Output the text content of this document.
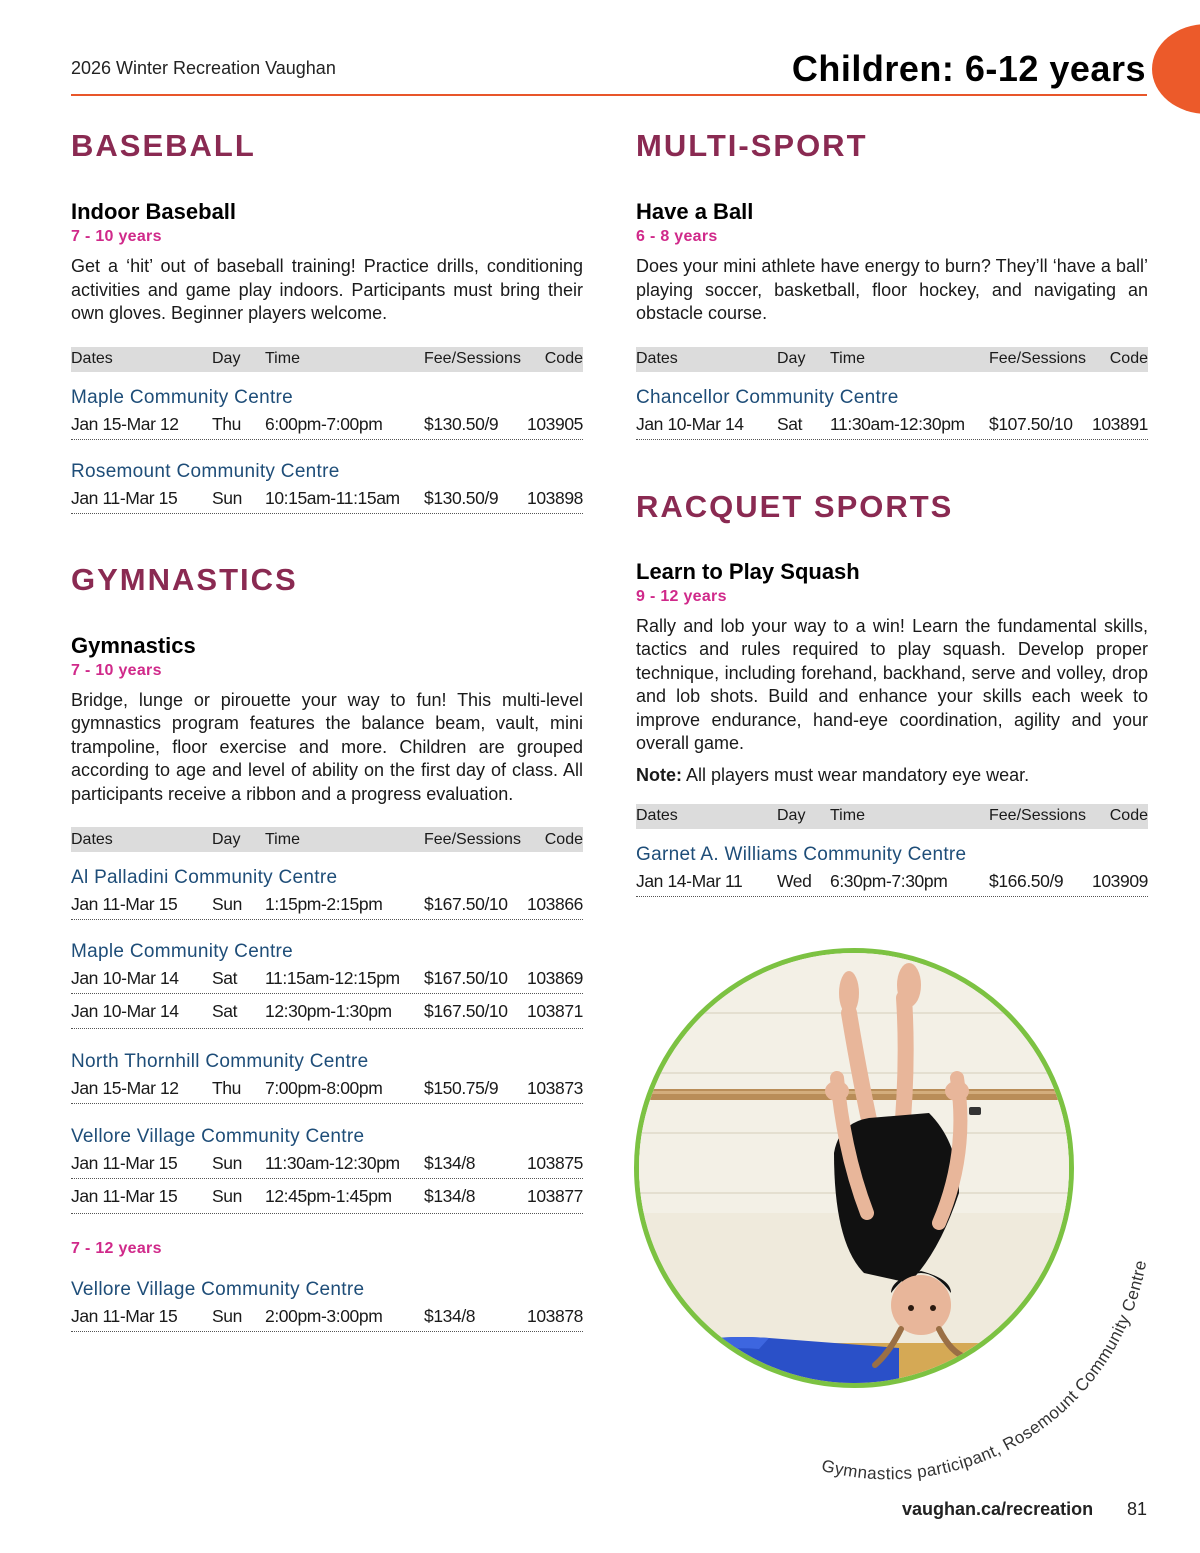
2026 Winter Recreation Vaughan	Children: 6-12 years
BASEBALL
Indoor Baseball
7 - 10 years
Get a ‘hit’ out of baseball training! Practice drills, conditioning activities and game play indoors. Participants must bring their own gloves. Beginner players welcome.
Dates	Day	Time	Fee/Sessions	Code
Maple Community Centre
Jan 15-Mar 12	Thu	6:00pm-7:00pm	$130.50/9	103905
Rosemount Community Centre
Jan 11-Mar 15	Sun	10:15am-11:15am	$130.50/9	103898
GYMNASTICS
Gymnastics
7 - 10 years
Bridge, lunge or pirouette your way to fun! This multi-level gymnastics program features the balance beam, vault, mini trampoline, floor exercise and more. Children are grouped according to age and level of ability on the first day of class. All participants receive a ribbon and a progress evaluation.
Dates	Day	Time	Fee/Sessions	Code
Al Palladini Community Centre
Jan 11-Mar 15	Sun	1:15pm-2:15pm	$167.50/10	103866
Maple Community Centre
Jan 10-Mar 14	Sat	11:15am-12:15pm	$167.50/10	103869
Jan 10-Mar 14	Sat	12:30pm-1:30pm	$167.50/10	103871
North Thornhill Community Centre
Jan 15-Mar 12	Thu	7:00pm-8:00pm	$150.75/9	103873
Vellore Village Community Centre
Jan 11-Mar 15	Sun	11:30am-12:30pm	$134/8	103875
Jan 11-Mar 15	Sun	12:45pm-1:45pm	$134/8	103877
7 - 12 years
Vellore Village Community Centre
Jan 11-Mar 15	Sun	2:00pm-3:00pm	$134/8	103878
MULTI-SPORT
Have a Ball
6 - 8 years
Does your mini athlete have energy to burn? They’ll ‘have a ball’ playing soccer, basketball, floor hockey, and navigating an obstacle course.
Dates	Day	Time	Fee/Sessions	Code
Chancellor Community Centre
Jan 10-Mar 14	Sat	11:30am-12:30pm	$107.50/10	103891
RACQUET SPORTS
Learn to Play Squash
9 - 12 years
Rally and lob your way to a win! Learn the fundamental skills, tactics and rules required to play squash. Develop proper technique, including forehand, backhand, serve and volley, drop and lob shots. Build and enhance your skills each week to improve endurance, hand-eye coordination, agility and your overall game.
Note: All players must wear mandatory eye wear.
Dates	Day	Time	Fee/Sessions	Code
Garnet A. Williams Community Centre
Jan 14-Mar 11	Wed	6:30pm-7:30pm	$166.50/9	103909
Gymnastics participant, Rosemount Community Centre
vaughan.ca/recreation 81
